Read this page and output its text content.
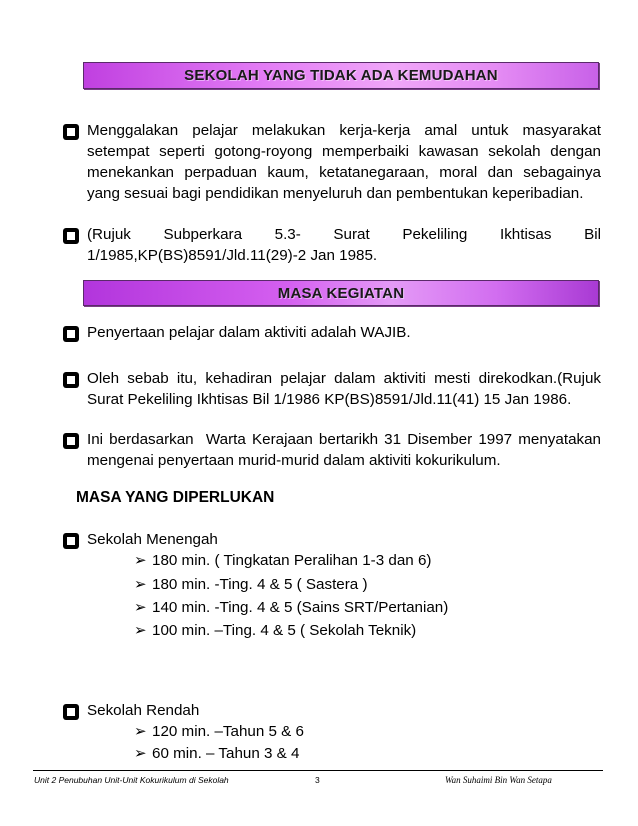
SEKOLAH YANG TIDAK ADA KEMUDAHAN
Menggalakan pelajar melakukan kerja-kerja amal untuk masyarakat
setempat seperti gotong-royong memperbaiki kawasan sekolah dengan
menekankan perpaduan kaum, ketatanegaraan, moral dan sebagainya
yang sesuai bagi pendidikan menyeluruh dan pembentukan keperibadian.
(Rujuk Subperkara 5.3- Surat Pekeliling Ikhtisas Bil
1/1985,KP(BS)8591/Jld.11(29)-2 Jan 1985.
MASA KEGIATAN
Penyertaan pelajar dalam aktiviti adalah WAJIB.
Oleh sebab itu, kehadiran pelajar dalam aktiviti mesti direkodkan.(Rujuk
Surat Pekeliling Ikhtisas Bil 1/1986 KP(BS)8591/Jld.11(41) 15 Jan 1986.
Ini berdasarkan  Warta Kerajaan bertarikh 31 Disember 1997 menyatakan
mengenai penyertaan murid-murid dalam aktiviti kokurikulum.
MASA YANG DIPERLUKAN
Sekolah Menengah
➢ 180 min. ( Tingkatan Peralihan 1-3 dan 6)
➢ 180 min. -Ting. 4 & 5 ( Sastera )
➢ 140 min. -Ting. 4 & 5 (Sains SRT/Pertanian)
➢ 100 min. –Ting. 4 & 5 ( Sekolah Teknik)
Sekolah Rendah
➢ 120 min. –Tahun 5 & 6
➢ 60 min. – Tahun 3 & 4
Unit 2 Penubuhan Unit-Unit Kokurikulum di Sekolah	3	Wan Suhaimi Bin Wan Setapa
